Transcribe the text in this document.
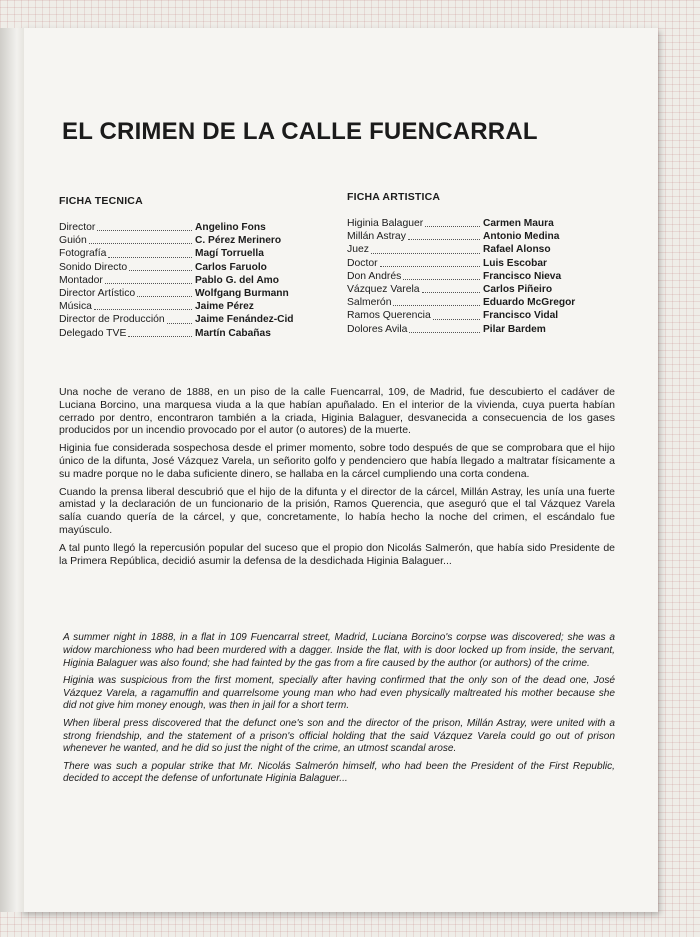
EL CRIMEN DE LA CALLE FUENCARRAL
FICHA TECNICA
Director	Angelino Fons
Guión	C. Pérez Merinero
Fotografía	Magí Torruella
Sonido Directo	Carlos Faruolo
Montador	Pablo G. del Amo
Director Artístico	Wolfgang Burmann
Música	Jaime Pérez
Director de Producción	Jaime Fenández-Cid
Delegado TVE	Martín Cabañas
FICHA ARTISTICA
Higinia Balaguer	Carmen Maura
Millán Astray	Antonio Medina
Juez	Rafael Alonso
Doctor	Luis Escobar
Don Andrés	Francisco Nieva
Vázquez Varela	Carlos Piñeiro
Salmerón	Eduardo McGregor
Ramos Querencia	Francisco Vidal
Dolores Avila	Pilar Bardem

Una noche de verano de 1888, en un piso de la calle Fuencarral, 109, de Madrid, fue descubierto el cadáver de Luciana Borcino, una marquesa viuda a la que habían apuñalado. En el interior de la vivienda, cuya puerta habían cerrado por dentro, encontraron también a la criada, Higinia Balaguer, desvanecida a consecuencia de los gases producidos por un incendio provocado por el autor (o autores) de la muerte.

Higinia fue considerada sospechosa desde el primer momento, sobre todo después de que se comprobara que el hijo único de la difunta, José Vázquez Varela, un señorito golfo y pendenciero que había llegado a maltratar físicamente a su madre porque no le daba suficiente dinero, se hallaba en la cárcel cumpliendo una corta condena.

Cuando la prensa liberal descubrió que el hijo de la difunta y el director de la cárcel, Millán Astray, les unía una fuerte amistad y la declaración de un funcionario de la prisión, Ramos Querencia, que aseguró que el tal Vázquez Varela salía cuando quería de la cárcel, y que, concretamente, lo había hecho la noche del crimen, el escándalo fue mayúsculo.

A tal punto llegó la repercusión popular del suceso que el propio don Nicolás Salmerón, que había sido Presidente de la Primera República, decidió asumir la defensa de la desdichada Higinia Balaguer...

A summer night in 1888, in a flat in 109 Fuencarral street, Madrid, Luciana Borcino's corpse was discovered; she was a widow marchioness who had been murdered with a dagger. Inside the flat, with is door locked up from inside, the servant, Higinia Balaguer was also found; she had fainted by the gas from a fire caused by the author (or authors) of the crime.

Higinia was suspicious from the first moment, specially after having confirmed that the only son of the dead one, José Vázquez Varela, a ragamuffin and quarrelsome young man who had even physically maltreated his mother because she did not give him money enough, was then in jail for a short term.

When liberal press discovered that the defunct one's son and the director of the prison, Millán Astray, were united with a strong friendship, and the statement of a prison's official holding that the said Vázquez Varela could go out of prison whenever he wanted, and he did so just the night of the crime, an utmost scandal arose.

There was such a popular strike that Mr. Nicolás Salmerón himself, who had been the President of the First Republic, decided to accept the defense of unfortunate Higinia Balaguer...
